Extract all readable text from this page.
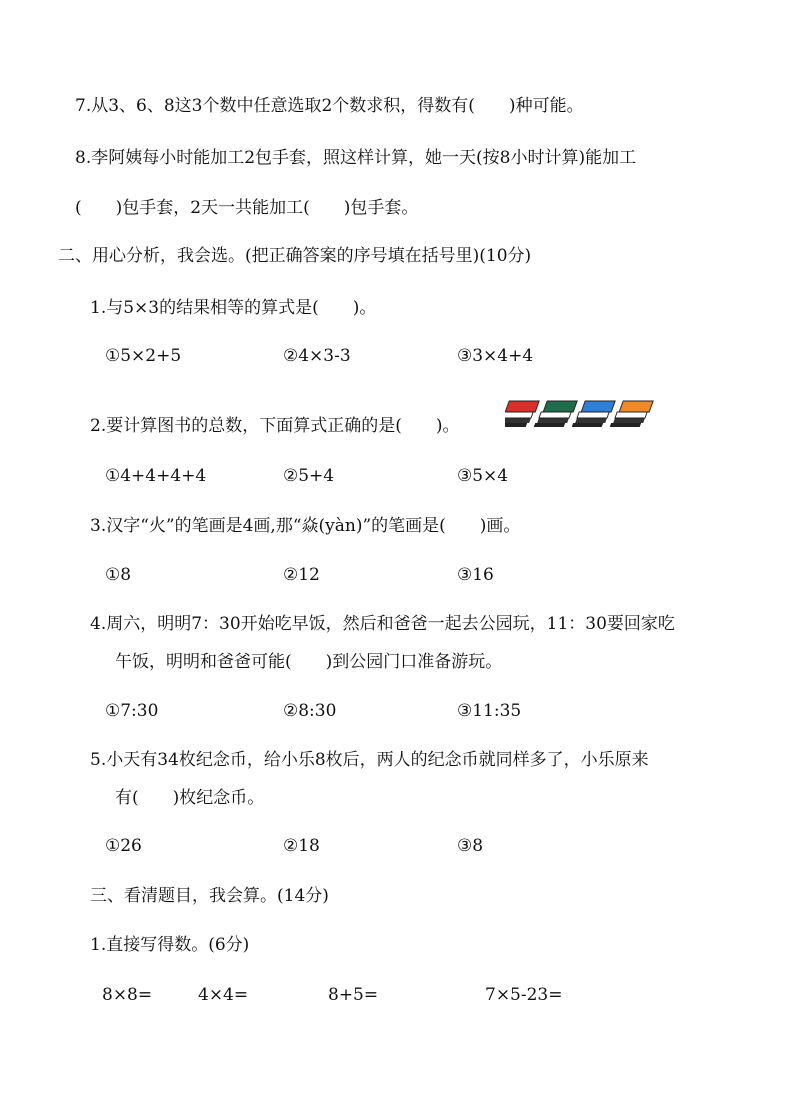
7.从3、6、8这3个数中任意选取2个数求积，得数有(　　)种可能。
8.李阿姨每小时能加工2包手套，照这样计算，她一天(按8小时计算)能加工
(　　)包手套，2天一共能加工(　　)包手套。
二、用心分析，我会选。(把正确答案的序号填在括号里)(10分)
1.与5×3的结果相等的算式是(　　)。
①5×2+5	②4×3-3	③3×4+4
2.要计算图书的总数，下面算式正确的是(　　)。
①4+4+4+4	②5+4	③5×4
3.汉字“火”的笔画是4画,那“焱(yàn)”的笔画是(　　)画。
①8	②12	③16
4.周六，明明7：30开始吃早饭，然后和爸爸一起去公园玩，11：30要回家吃
午饭，明明和爸爸可能(　　)到公园门口准备游玩。
①7:30	②8:30	③11:35
5.小天有34枚纪念币，给小乐8枚后，两人的纪念币就同样多了，小乐原来
有(　　)枚纪念币。
①26	②18	③8
三、看清题目，我会算。(14分)
1.直接写得数。(6分)
8×8=	4×4=	8+5=	7×5-23=
